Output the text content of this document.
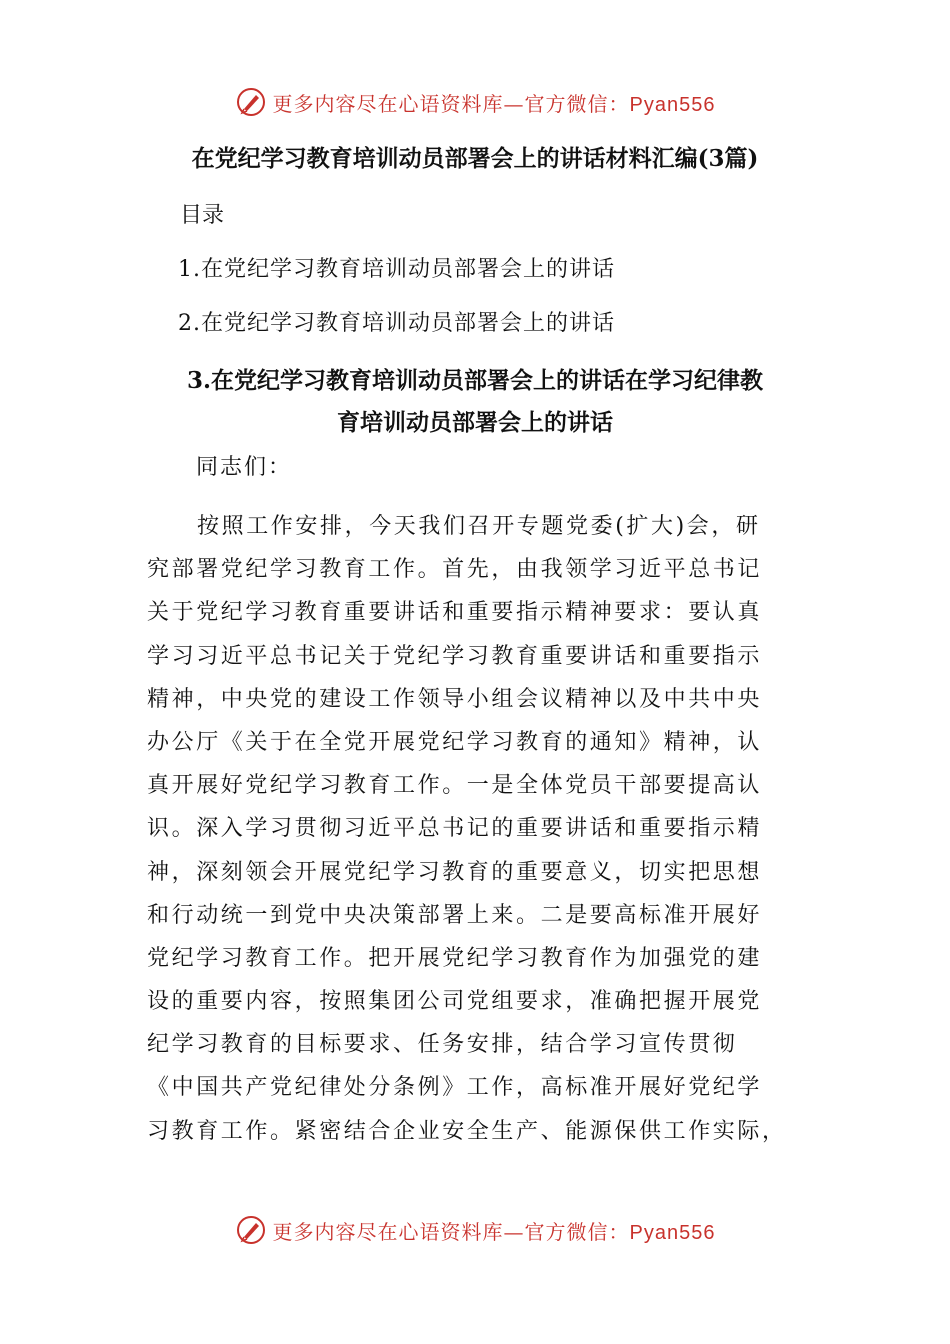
更多内容尽在心语资料库—官方微信：Pyan556
在党纪学习教育培训动员部署会上的讲话材料汇编(3篇)
目录
1.在党纪学习教育培训动员部署会上的讲话
2.在党纪学习教育培训动员部署会上的讲话
3.在党纪学习教育培训动员部署会上的讲话在学习纪律教
育培训动员部署会上的讲话
同志们：
按照工作安排，今天我们召开专题党委(扩大)会，研
究部署党纪学习教育工作。首先，由我领学习近平总书记
关于党纪学习教育重要讲话和重要指示精神要求：要认真
学习习近平总书记关于党纪学习教育重要讲话和重要指示
精神，中央党的建设工作领导小组会议精神以及中共中央
办公厅《关于在全党开展党纪学习教育的通知》精神，认
真开展好党纪学习教育工作。一是全体党员干部要提高认
识。深入学习贯彻习近平总书记的重要讲话和重要指示精
神，深刻领会开展党纪学习教育的重要意义，切实把思想
和行动统一到党中央决策部署上来。二是要高标准开展好
党纪学习教育工作。把开展党纪学习教育作为加强党的建
设的重要内容，按照集团公司党组要求，准确把握开展党
纪学习教育的目标要求、任务安排，结合学习宣传贯彻
《中国共产党纪律处分条例》工作，高标准开展好党纪学
习教育工作。紧密结合企业安全生产、能源保供工作实际，
更多内容尽在心语资料库—官方微信：Pyan556
